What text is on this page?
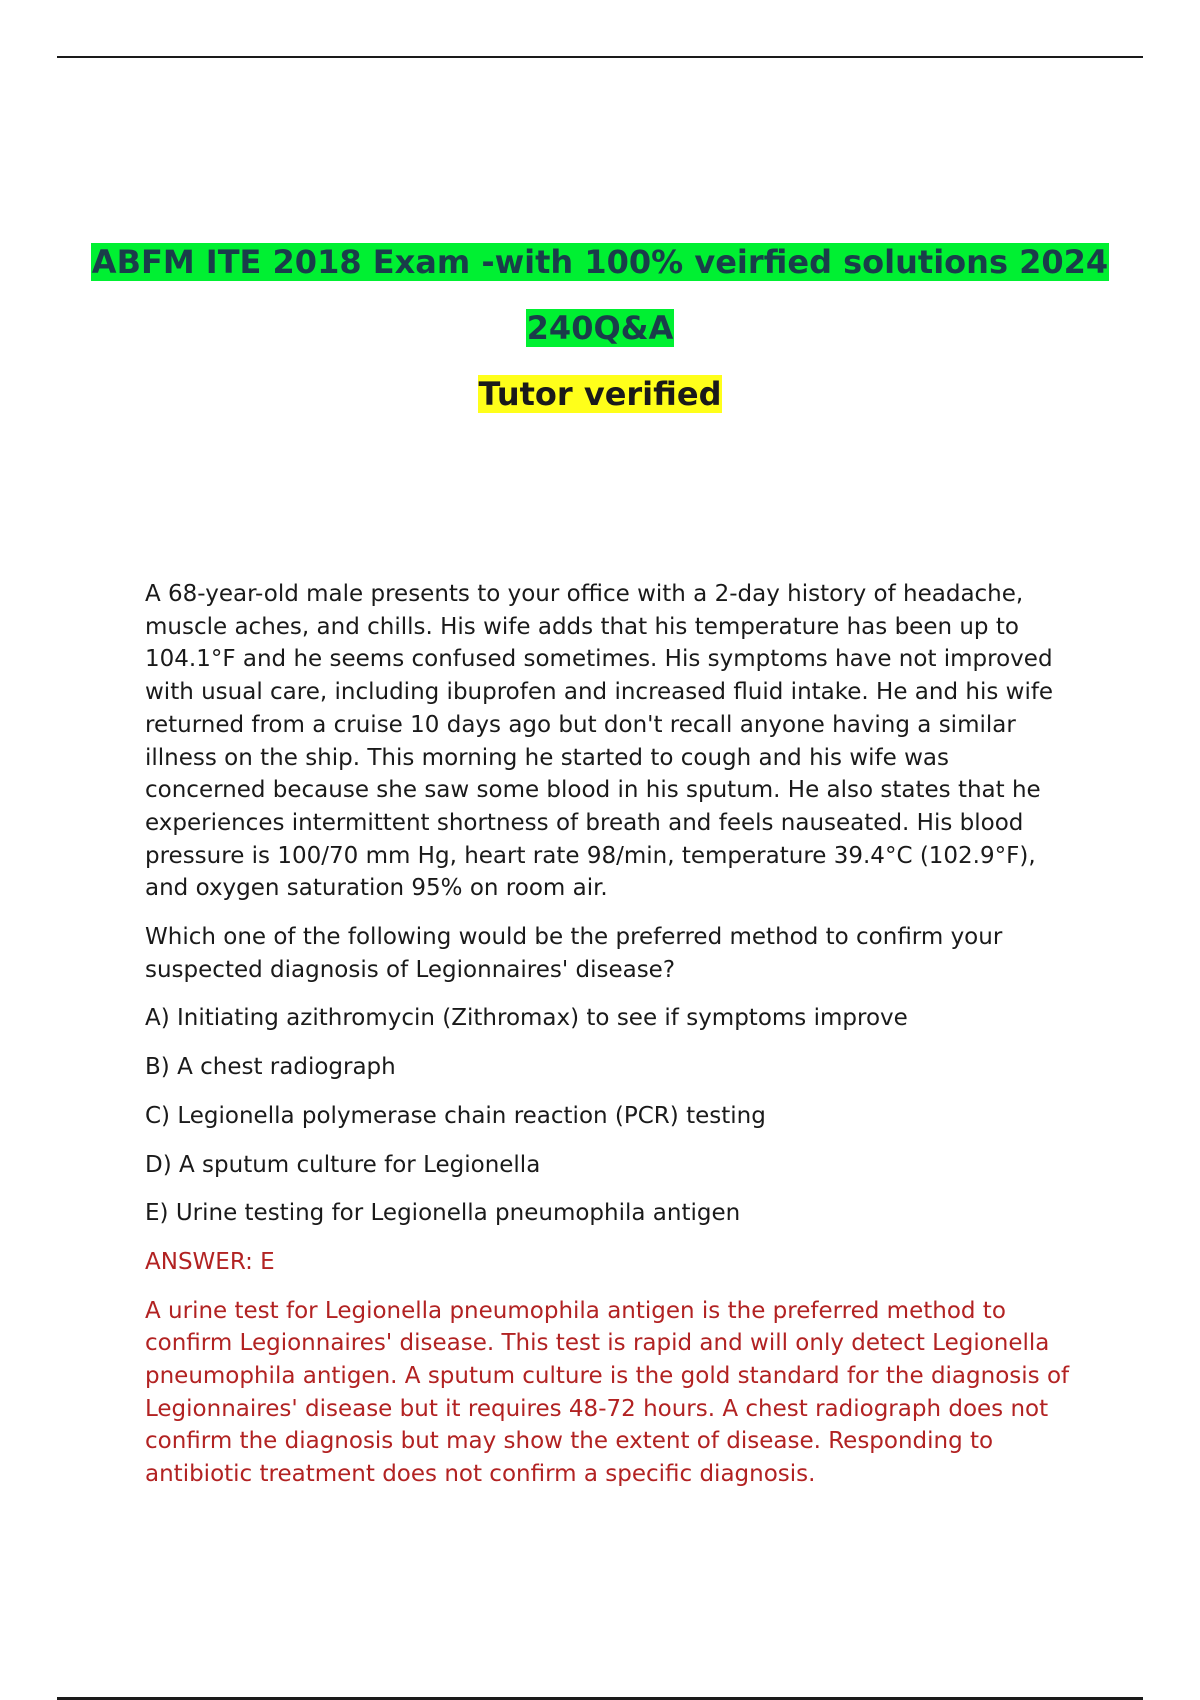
ABFM ITE 2018 Exam -with 100% veirfied solutions 2024

240Q&A

Tutor verified

A 68-year-old male presents to your office with a 2-day history of headache, muscle aches, and chills. His wife adds that his temperature has been up to 104.1°F and he seems confused sometimes. His symptoms have not improved with usual care, including ibuprofen and increased fluid intake. He and his wife returned from a cruise 10 days ago but don't recall anyone having a similar illness on the ship. This morning he started to cough and his wife was concerned because she saw some blood in his sputum. He also states that he experiences intermittent shortness of breath and feels nauseated. His blood pressure is 100/70 mm Hg, heart rate 98/min, temperature 39.4°C (102.9°F), and oxygen saturation 95% on room air.

Which one of the following would be the preferred method to confirm your suspected diagnosis of Legionnaires' disease?

A) Initiating azithromycin (Zithromax) to see if symptoms improve

B) A chest radiograph

C) Legionella polymerase chain reaction (PCR) testing

D) A sputum culture for Legionella

E) Urine testing for Legionella pneumophila antigen

ANSWER: E

A urine test for Legionella pneumophila antigen is the preferred method to confirm Legionnaires' disease. This test is rapid and will only detect Legionella pneumophila antigen. A sputum culture is the gold standard for the diagnosis of Legionnaires' disease but it requires 48-72 hours. A chest radiograph does not confirm the diagnosis but may show the extent of disease. Responding to antibiotic treatment does not confirm a specific diagnosis.
